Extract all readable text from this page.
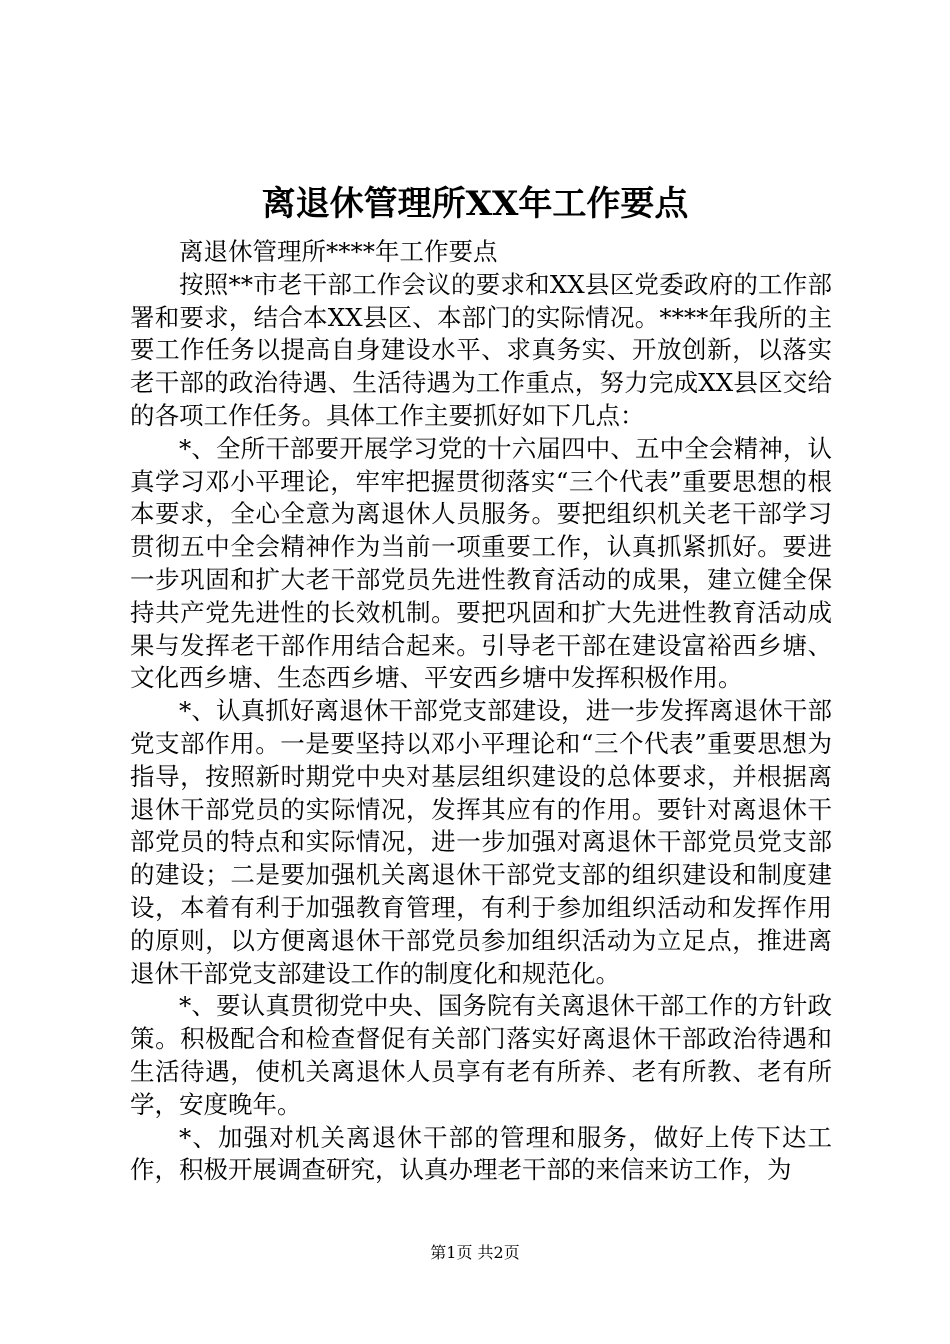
离退休管理所XX年工作要点

离退休管理所****年工作要点

按照**市老干部工作会议的要求和XX县区党委政府的工作部署和要求，结合本XX县区、本部门的实际情况。****年我所的主要工作任务以提高自身建设水平、求真务实、开放创新，以落实老干部的政治待遇、生活待遇为工作重点，努力完成XX县区交给的各项工作任务。具体工作主要抓好如下几点：

*、全所干部要开展学习党的十六届四中、五中全会精神，认真学习邓小平理论，牢牢把握贯彻落实“三个代表”重要思想的根本要求，全心全意为离退休人员服务。要把组织机关老干部学习贯彻五中全会精神作为当前一项重要工作，认真抓紧抓好。要进一步巩固和扩大老干部党员先进性教育活动的成果，建立健全保持共产党先进性的长效机制。要把巩固和扩大先进性教育活动成果与发挥老干部作用结合起来。引导老干部在建设富裕西乡塘、文化西乡塘、生态西乡塘、平安西乡塘中发挥积极作用。

*、认真抓好离退休干部党支部建设，进一步发挥离退休干部党支部作用。一是要坚持以邓小平理论和“三个代表”重要思想为指导，按照新时期党中央对基层组织建设的总体要求，并根据离退休干部党员的实际情况，发挥其应有的作用。要针对离退休干部党员的特点和实际情况，进一步加强对离退休干部党员党支部的建设；二是要加强机关离退休干部党支部的组织建设和制度建设，本着有利于加强教育管理，有利于参加组织活动和发挥作用的原则，以方便离退休干部党员参加组织活动为立足点，推进离退休干部党支部建设工作的制度化和规范化。

*、要认真贯彻党中央、国务院有关离退休干部工作的方针政策。积极配合和检查督促有关部门落实好离退休干部政治待遇和生活待遇，使机关离退休人员享有老有所养、老有所教、老有所学，安度晚年。

*、加强对机关离退休干部的管理和服务，做好上传下达工作，积极开展调查研究，认真办理老干部的来信来访工作，为

第1页 共2页
